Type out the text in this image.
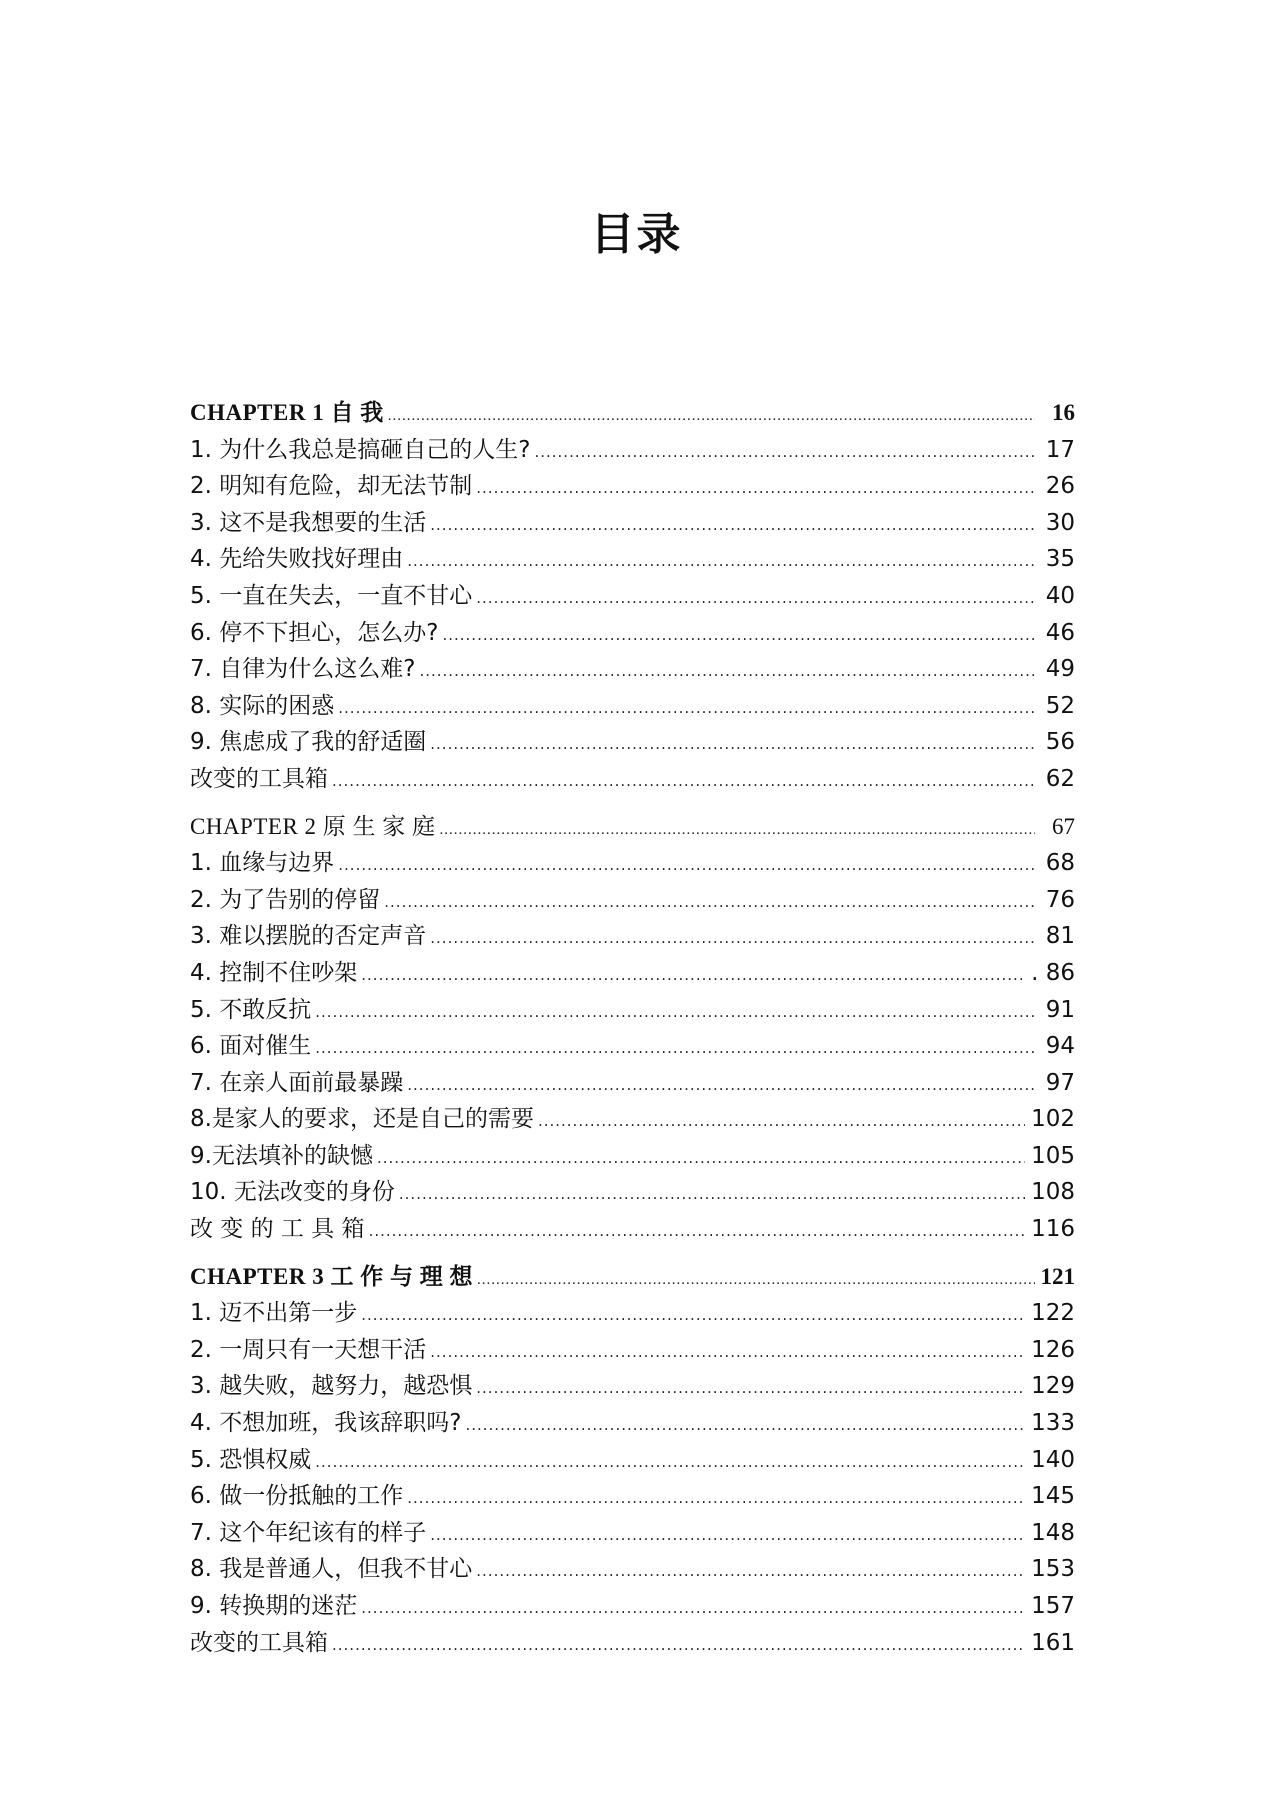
目录
CHAPTER 1 自 我 .....	16
1. 为什么我总是搞砸自己的人生? .....	17
2. 明知有危险，却无法节制 .....	26
3. 这不是我想要的生活 .....	30
4. 先给失败找好理由 .....	35
5. 一直在失去，一直不甘心 .....	40
6. 停不下担心，怎么办? .....	46
7. 自律为什么这么难? .....	49
8. 实际的困惑 .....	52
9. 焦虑成了我的舒适圈 .....	56
改变的工具箱 .....	62
CHAPTER 2 原 生 家 庭 .....	67
1. 血缘与边界 .....	68
2. 为了告别的停留 .....	76
3. 难以摆脱的否定声音 .....	81
4. 控制不住吵架 .....	. 86
5. 不敢反抗 .....	91
6. 面对催生 .....	94
7. 在亲人面前最暴躁 .....	97
8.是家人的要求，还是自己的需要 .....	102
9.无法填补的缺憾 .....	105
10. 无法改变的身份 .....	108
改 变 的 工 具 箱 .....	116
CHAPTER 3 工 作 与 理 想 .....	121
1. 迈不出第一步 .....	122
2. 一周只有一天想干活 .....	126
3. 越失败，越努力，越恐惧 .....	129
4. 不想加班，我该辞职吗? .....	133
5. 恐惧权威 .....	140
6. 做一份抵触的工作 .....	145
7. 这个年纪该有的样子 .....	148
8. 我是普通人，但我不甘心 .....	153
9. 转换期的迷茫 .....	157
改变的工具箱 .....	161
